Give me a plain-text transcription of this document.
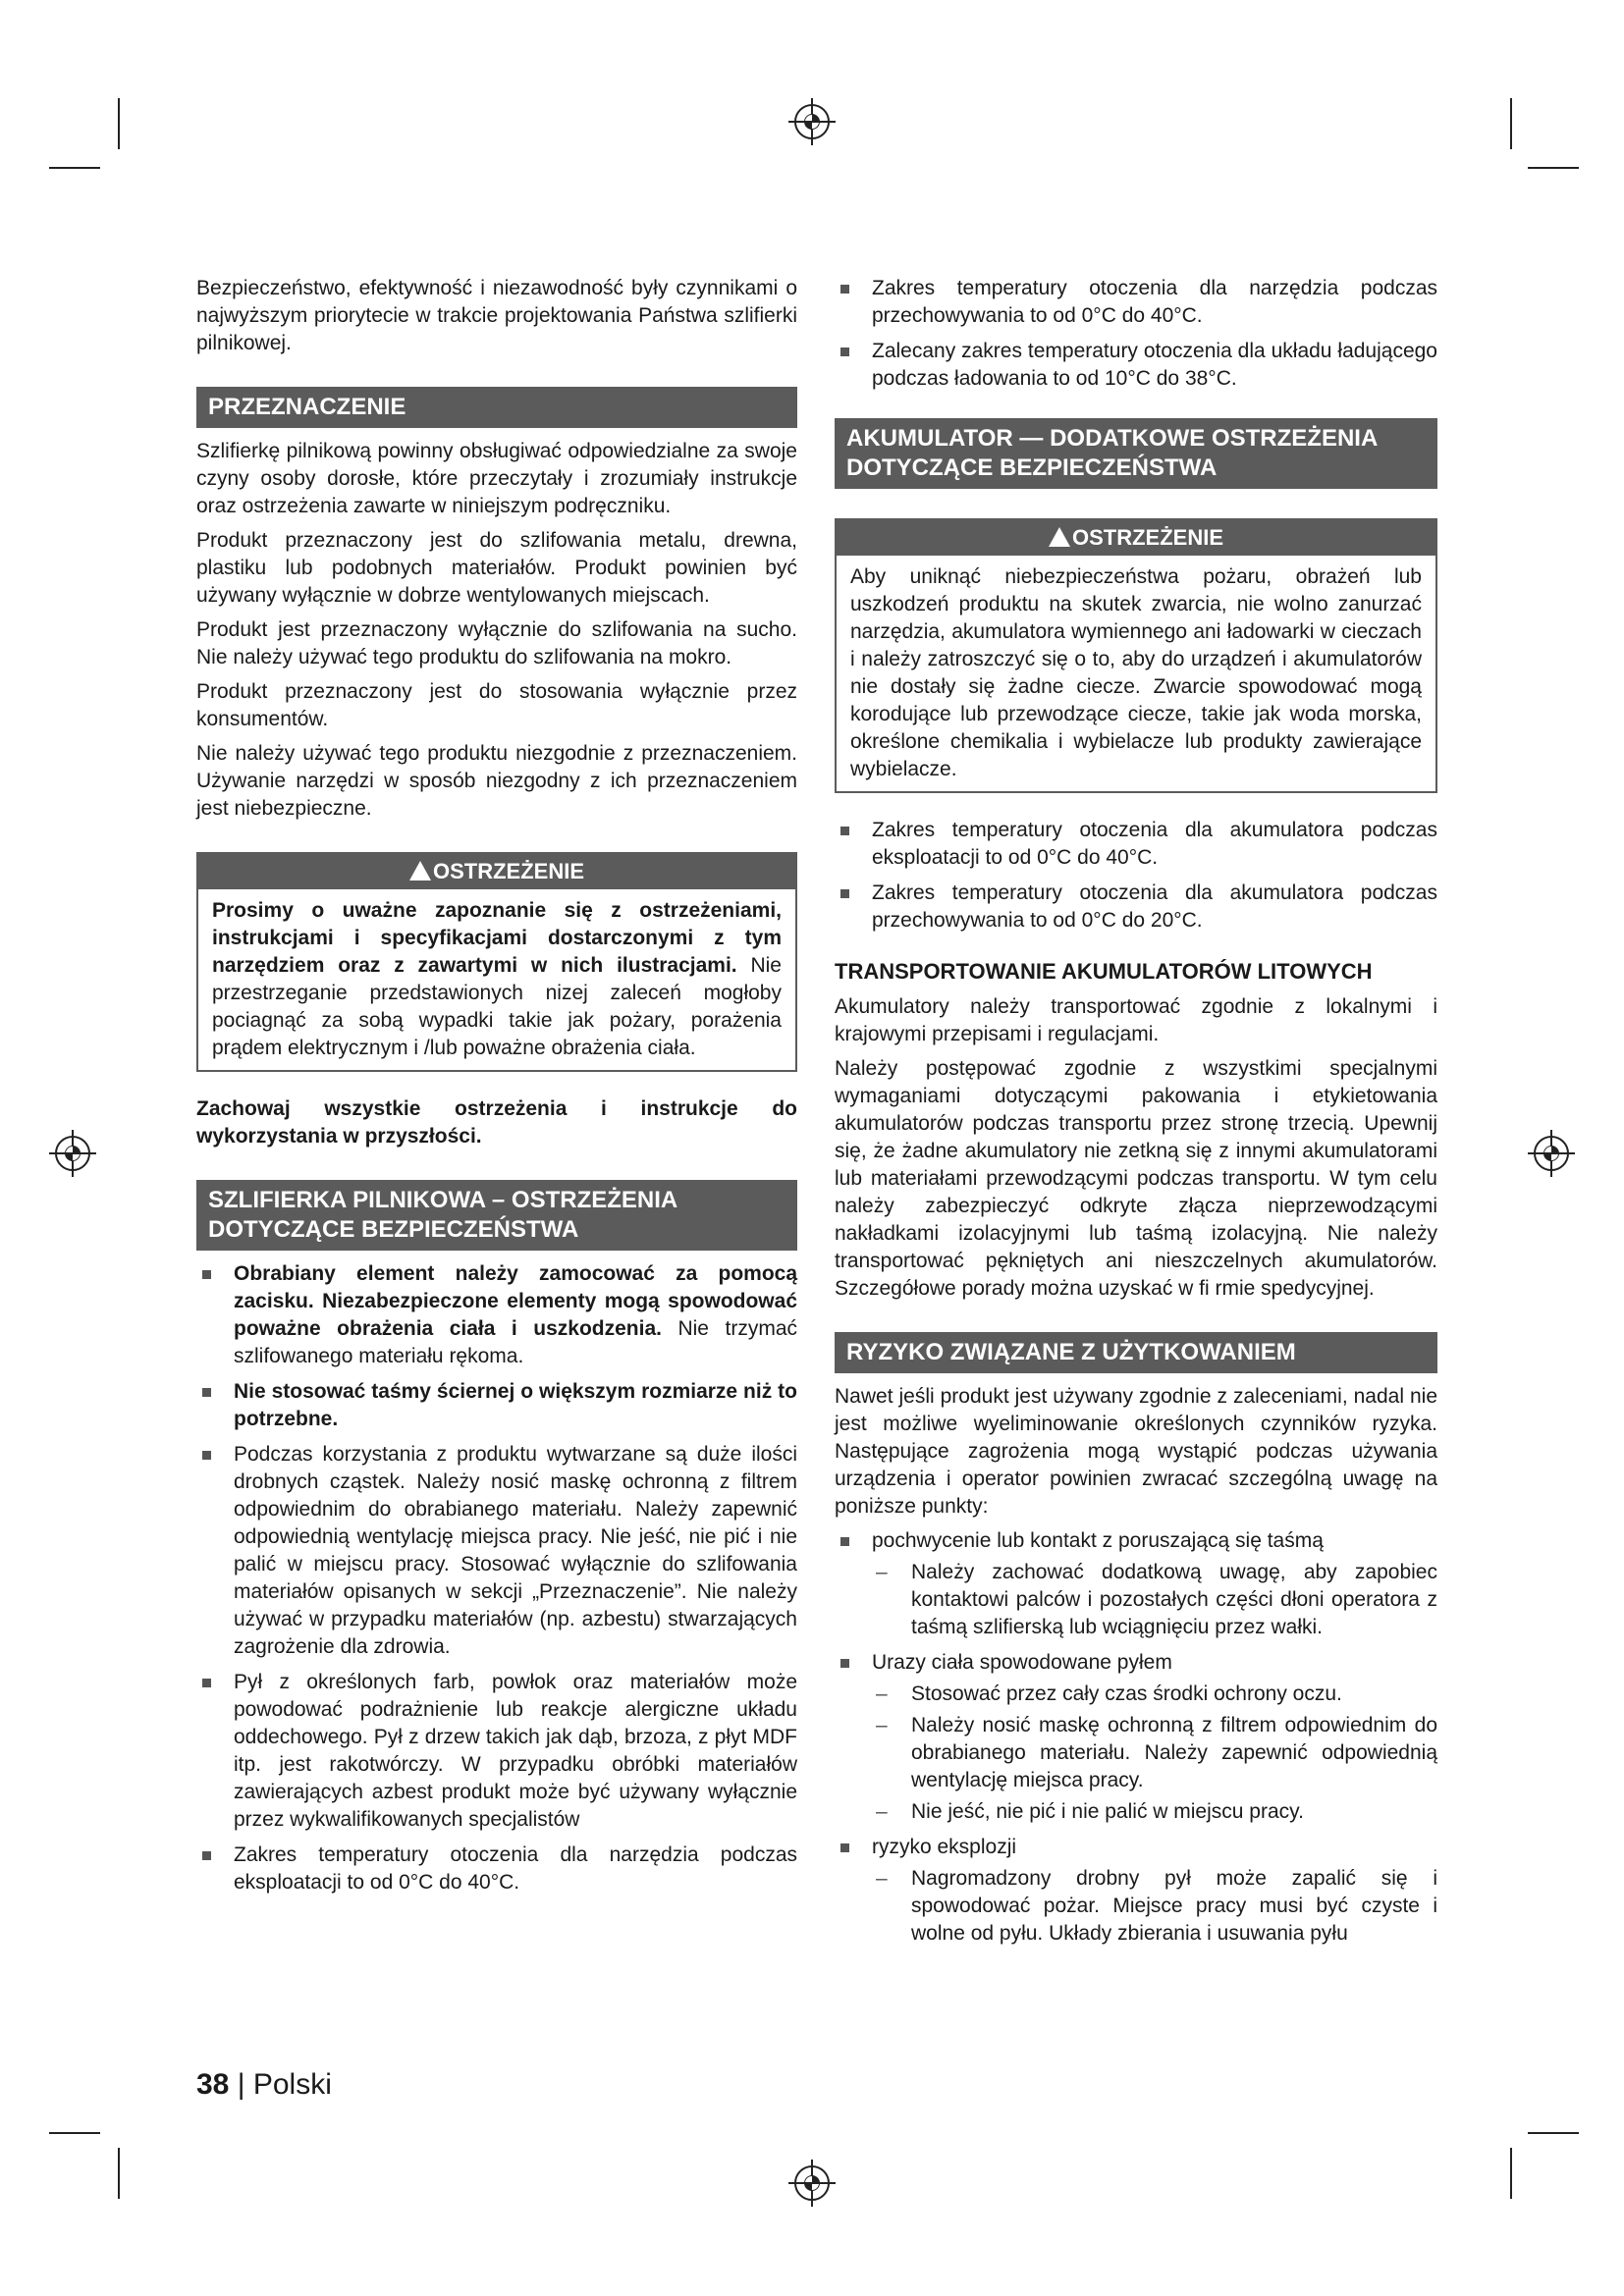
Bezpieczeństwo, efektywność i niezawodność były czynnikami o najwyższym priorytecie w trakcie projektowania Państwa szlifierki pilnikowej.

PRZEZNACZENIE

Szlifierkę pilnikową powinny obsługiwać odpowiedzialne za swoje czyny osoby dorosłe, które przeczytały i zrozumiały instrukcje oraz ostrzeżenia zawarte w niniejszym podręczniku.

Produkt przeznaczony jest do szlifowania metalu, drewna, plastiku lub podobnych materiałów. Produkt powinien być używany wyłącznie w dobrze wentylowanych miejscach.

Produkt jest przeznaczony wyłącznie do szlifowania na sucho. Nie należy używać tego produktu do szlifowania na mokro.

Produkt przeznaczony jest do stosowania wyłącznie przez konsumentów.

Nie należy używać tego produktu niezgodnie z przeznaczeniem. Używanie narzędzi w sposób niezgodny z ich przeznaczeniem jest niebezpieczne.

OSTRZEŻENIE
Prosimy o uważne zapoznanie się z ostrzeżeniami, instrukcjami i specyfikacjami dostarczonymi z tym narzędziem oraz z zawartymi w nich ilustracjami. Nie przestrzeganie przedstawionych nizej zaleceń mogłoby pociagnąć za sobą wypadki takie jak pożary, porażenia prądem elektrycznym i /lub poważne obrażenia ciała.

Zachowaj wszystkie ostrzeżenia i instrukcje do wykorzystania w przyszłości.

SZLIFIERKA PILNIKOWA – OSTRZEŻENIA DOTYCZĄCE BEZPIECZEŃSTWA
Obrabiany element należy zamocować za pomocą zacisku. Niezabezpieczone elementy mogą spowodować poważne obrażenia ciała i uszkodzenia. Nie trzymać szlifowanego materiału rękoma.
Nie stosować taśmy ściernej o większym rozmiarze niż to potrzebne.
Podczas korzystania z produktu wytwarzane są duże ilości drobnych cząstek. Należy nosić maskę ochronną z filtrem odpowiednim do obrabianego materiału. Należy zapewnić odpowiednią wentylację miejsca pracy. Nie jeść, nie pić i nie palić w miejscu pracy. Stosować wyłącznie do szlifowania materiałów opisanych w sekcji „Przeznaczenie”. Nie należy używać w przypadku materiałów (np. azbestu) stwarzających zagrożenie dla zdrowia.
Pył z określonych farb, powłok oraz materiałów może powodować podrażnienie lub reakcje alergiczne układu oddechowego. Pył z drzew takich jak dąb, brzoza, z płyt MDF itp. jest rakotwórczy. W przypadku obróbki materiałów zawierających azbest produkt może być używany wyłącznie przez wykwalifikowanych specjalistów
Zakres temperatury otoczenia dla narzędzia podczas eksploatacji to od 0°C do 40°C.
Zakres temperatury otoczenia dla narzędzia podczas przechowywania to od 0°C do 40°C.
Zalecany zakres temperatury otoczenia dla układu ładującego podczas ładowania to od 10°C do 38°C.
AKUMULATOR — DODATKOWE OSTRZEŻENIA DOTYCZĄCE BEZPIECZEŃSTWA
OSTRZEŻENIE
Aby uniknąć niebezpieczeństwa pożaru, obrażeń lub uszkodzeń produktu na skutek zwarcia, nie wolno zanurzać narzędzia, akumulatora wymiennego ani ładowarki w cieczach i należy zatroszczyć się o to, aby do urządzeń i akumulatorów nie dostały się żadne ciecze. Zwarcie spowodować mogą korodujące lub przewodzące ciecze, takie jak woda morska, określone chemikalia i wybielacze lub produkty zawierające wybielacze.
Zakres temperatury otoczenia dla akumulatora podczas eksploatacji to od 0°C do 40°C.
Zakres temperatury otoczenia dla akumulatora podczas przechowywania to od 0°C do 20°C.
TRANSPORTOWANIE AKUMULATORÓW LITOWYCH

Akumulatory należy transportować zgodnie z lokalnymi i krajowymi przepisami i regulacjami.

Należy postępować zgodnie z wszystkimi specjalnymi wymaganiami dotyczącymi pakowania i etykietowania akumulatorów podczas transportu przez stronę trzecią. Upewnij się, że żadne akumulatory nie zetkną się z innymi akumulatorami lub materiałami przewodzącymi podczas transportu. W tym celu należy zabezpieczyć odkryte złącza nieprzewodzącymi nakładkami izolacyjnymi lub taśmą izolacyjną. Nie należy transportować pękniętych ani nieszczelnych akumulatorów. Szczegółowe porady można uzyskać w fi rmie spedycyjnej.

RYZYKO ZWIĄZANE Z UŻYTKOWANIEM

Nawet jeśli produkt jest używany zgodnie z zaleceniami, nadal nie jest możliwe wyeliminowanie określonych czynników ryzyka. Następujące zagrożenia mogą wystąpić podczas używania urządzenia i operator powinien zwracać szczególną uwagę na poniższe punkty:

pochwycenie lub kontakt z poruszającą się taśmą
– Należy zachować dodatkową uwagę, aby zapobiec kontaktowi palców i pozostałych części dłoni operatora z taśmą szlifierską lub wciągnięciu przez wałki.
Urazy ciała spowodowane pyłem
– Stosować przez cały czas środki ochrony oczu.
– Należy nosić maskę ochronną z filtrem odpowiednim do obrabianego materiału. Należy zapewnić odpowiednią wentylację miejsca pracy.
– Nie jeść, nie pić i nie palić w miejscu pracy.
ryzyko eksplozji
– Nagromadzony drobny pył może zapalić się i spowodować pożar. Miejsce pracy musi być czyste i wolne od pyłu. Układy zbierania i usuwania pyłu
38 | Polski
